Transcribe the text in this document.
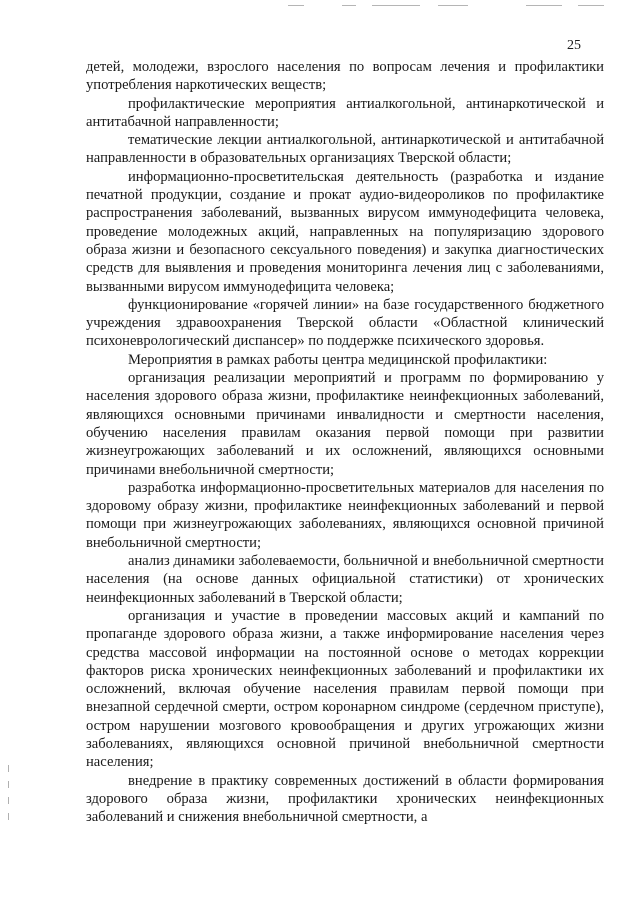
25

детей, молодежи, взрослого населения по вопросам лечения и профилактики употребления наркотических веществ;

профилактические мероприятия антиалкогольной, антинаркотической и антитабачной направленности;

тематические лекции антиалкогольной, антинаркотической и антитабачной направленности в образовательных организациях Тверской области;

информационно-просветительская деятельность (разработка и издание печатной продукции, создание и прокат аудио-видеороликов по профилактике распространения заболеваний, вызванных вирусом иммунодефицита человека, проведение молодежных акций, направленных на популяризацию здорового образа жизни и безопасного сексуального поведения) и закупка диагностических средств для выявления и проведения мониторинга лечения лиц с заболеваниями, вызванными вирусом иммунодефицита человека;

функционирование «горячей линии» на базе государственного бюджетного учреждения здравоохранения Тверской области «Областной клинический психоневрологический диспансер» по поддержке психического здоровья.

Мероприятия в рамках работы центра медицинской профилактики:

организация реализации мероприятий и программ по формированию у населения здорового образа жизни, профилактике неинфекционных заболеваний, являющихся основными причинами инвалидности и смертности населения, обучению населения правилам оказания первой помощи при развитии жизнеугрожающих заболеваний и их осложнений, являющихся основными причинами внебольничной смертности;

разработка информационно-просветительных материалов для населения по здоровому образу жизни, профилактике неинфекционных заболеваний и первой помощи при жизнеугрожающих заболеваниях, являющихся основной причиной внебольничной смертности;

анализ динамики заболеваемости, больничной и внебольничной смертности населения (на основе данных официальной статистики) от хронических неинфекционных заболеваний в Тверской области;

организация и участие в проведении массовых акций и кампаний по пропаганде здорового образа жизни, а также информирование населения через средства массовой информации на постоянной основе о методах коррекции факторов риска хронических неинфекционных заболеваний и профилактики их осложнений, включая обучение населения правилам первой помощи при внезапной сердечной смерти, остром коронарном синдроме (сердечном приступе), остром нарушении мозгового кровообращения и других угрожающих жизни заболеваниях, являющихся основной причиной внебольничной смертности населения;

внедрение в практику современных достижений в области формирования здорового образа жизни, профилактики хронических неинфекционных заболеваний и снижения внебольничной смертности, а
